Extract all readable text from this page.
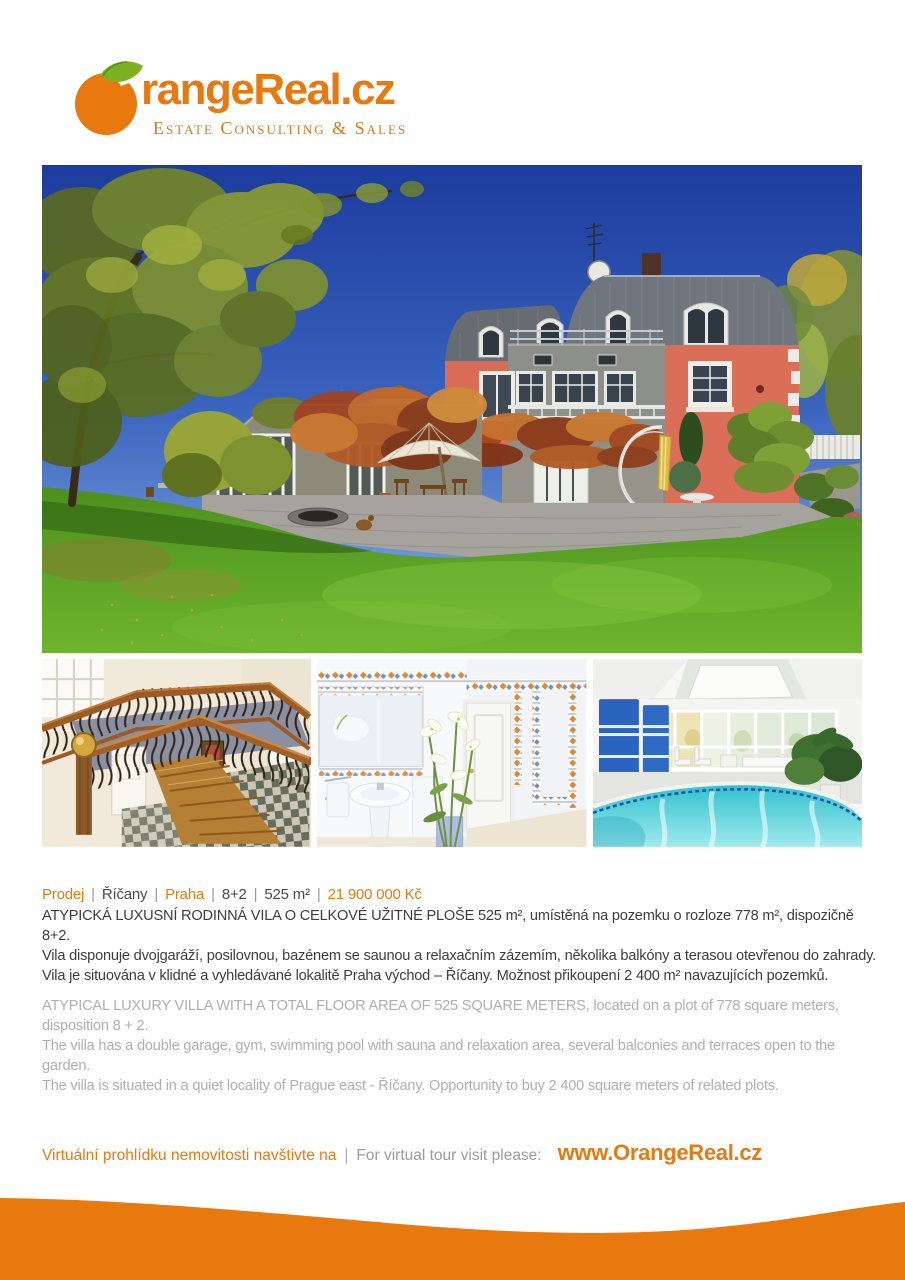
rangeReal.cz
Estate Consulting & Sales
Prodej | Říčany | Praha | 8+2 | 525 m² | 21 900 000 Kč

ATYPICKÁ LUXUSNÍ RODINNÁ VILA O CELKOVÉ UŽITNÉ PLOŠE 525 m², umístěná na pozemku o rozloze 778 m², dispozičně 8+2.

Vila disponuje dvojgaráží, posilovnou, bazénem se saunou a relaxačním zázemím, několika balkóny a terasou otevřenou do zahrady.

Vila je situována v klidné a vyhledávané lokalitě Praha východ – Říčany. Možnost přikoupení 2 400 m² navazujících pozemků.

ATYPICAL LUXURY VILLA WITH A TOTAL FLOOR AREA OF 525 SQUARE METERS, located on a plot of 778 square meters, disposition 8 + 2.

The villa has a double garage, gym, swimming pool with sauna and relaxation area, several balconies and terraces open to the garden.

The villa is situated in a quiet locality of Prague east - Říčany. Opportunity to buy 2 400 square meters of related plots.

Virtuální prohlídku nemovitosti navštivte na | For virtual tour visit please: www.OrangeReal.cz
